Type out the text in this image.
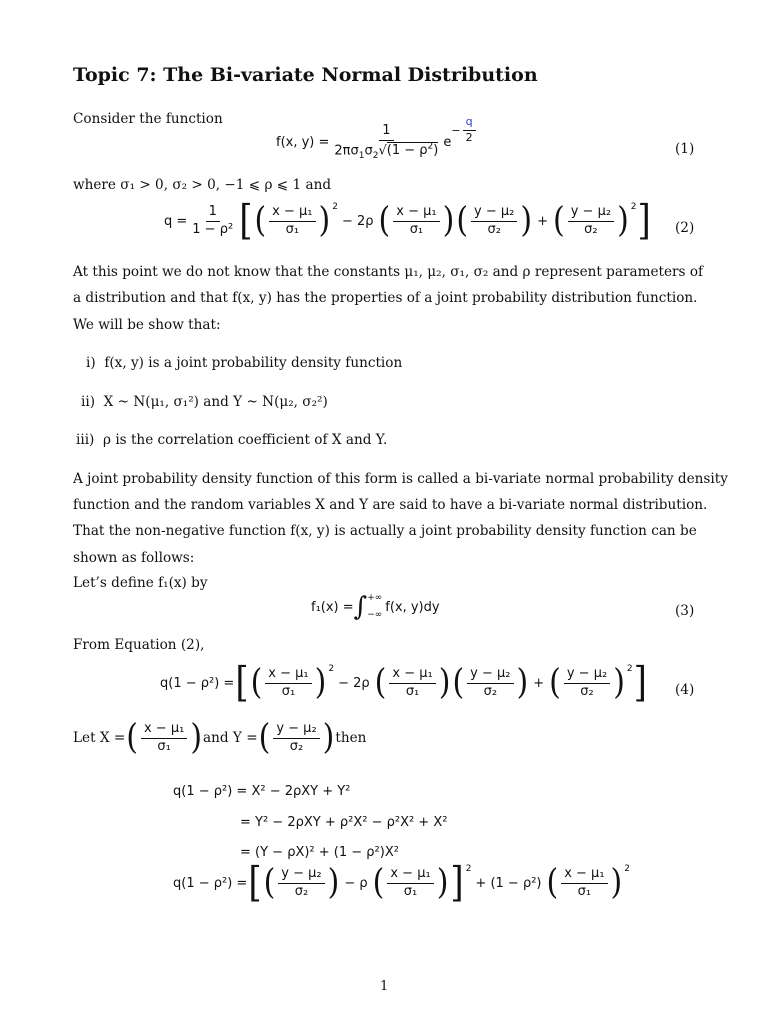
Topic 7: The Bi-variate Normal Distribution
Consider the function
f(x, $y) = \frac{1}{2\pi\sigma_1\sigma_2√(1 - \rho^2)}$ e
− $\frac{q}{2}$
(1)
where σ₁ > 0, σ₂ > 0, −1 ⩽ ρ ⩽ 1 and
$q = \frac{1}{\text{1 − ρ²}}$ [ ( $\frac{\text{x − μ₁}}{\text{σ₁}}$ ) 2
− 2ρ ( $\frac{\text{x − μ₁}}{\text{σ₁}}$ ) ( $\frac{\text{y − μ₂}}{\text{σ₂}}$ ) + ( $\frac{\text{y − μ₂}}{\text{σ₂}}$ ) 2 ] (2)
At this point we do not know that the constants μ₁, μ₂, σ₁, σ₂ and ρ represent parameters of
a distribution and that f(x, y) has the properties of a joint probability distribution function.
We will be show that:
i) f(x, y) is a joint probability density function
ii) X ~ N(μ₁, σ₁²) and Y ~ N(μ₂, σ₂²)
iii) ρ is the correlation coefficient of X and Y.
A joint probability density function of this form is called a bi-variate normal probability density
function and the random variables X and Y are said to have a bi-variate normal distribution.
That the non-negative function f(x, y) is actually a joint probability density function can be
shown as follows:
Let’s define f₁(x) by
f₁(x) = ∫ +∞
−∞
f(x, y)dy	(3)
From Equation (2),
q(1 − ρ²) = [ ( $\frac{\text{x − μ₁}}{\text{σ₁}}$ ) 2
− 2ρ ( $\frac{\text{x − μ₁}}{\text{σ₁}}$ ) ( $\frac{\text{y − μ₂}}{\text{σ₂}}$ ) + ( $\frac{\text{y − μ₂}}{\text{σ₂}}$ ) 2 ] (4)
Let X = ( $\frac{\text{x − μ₁}}{\text{σ₁}}$ ) and Y = ( $\frac{\text{y − μ₂}}{\text{σ₂}}$ ) then
q(1 − ρ²) = X² − 2ρXY + Y²
= Y² − 2ρXY + ρ²X² − ρ²X² + X²
= (Y − ρX)² + (1 − ρ²)X²
q(1 − ρ²) = [ ( $\frac{\text{y − μ₂}}{\text{σ₂}}$ ) − ρ ( $\frac{\text{x − μ₁}}{\text{σ₁}}$ ) ] 2
+ (1 − ρ²) ( $\frac{\text{x − μ₁}}{\text{σ₁}}$ ) 2
1
